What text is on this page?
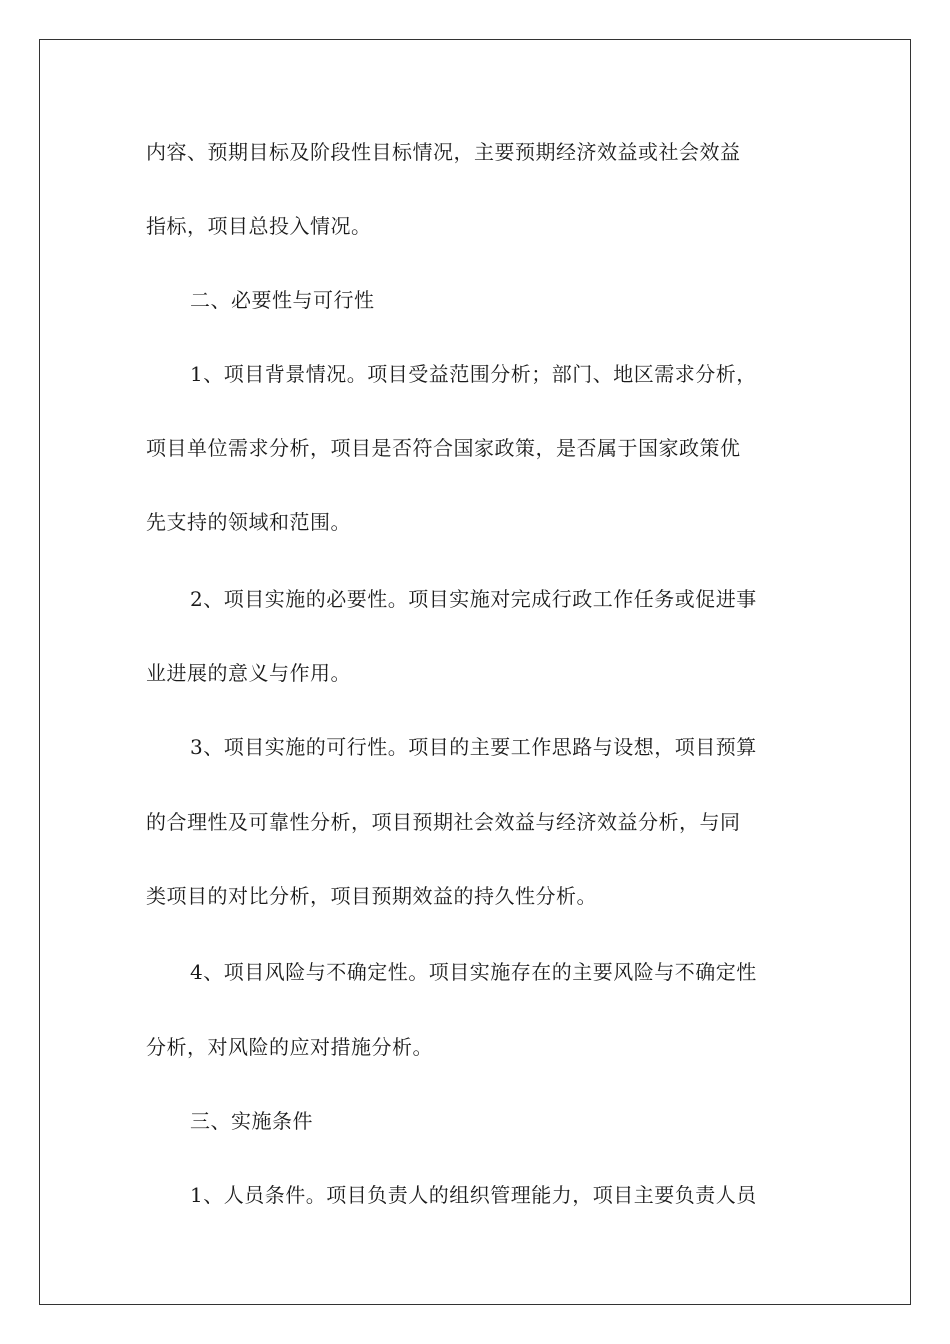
内容、预期目标及阶段性目标情况，主要预期经济效益或社会效益
指标，项目总投入情况。
二、必要性与可行性
1、项目背景情况。项目受益范围分析；部门、地区需求分析，
项目单位需求分析，项目是否符合国家政策，是否属于国家政策优
先支持的领域和范围。
2、项目实施的必要性。项目实施对完成行政工作任务或促进事
业进展的意义与作用。
3、项目实施的可行性。项目的主要工作思路与设想，项目预算
的合理性及可靠性分析，项目预期社会效益与经济效益分析，与同
类项目的对比分析，项目预期效益的持久性分析。
4、项目风险与不确定性。项目实施存在的主要风险与不确定性
分析，对风险的应对措施分析。
三、实施条件
1、人员条件。项目负责人的组织管理能力，项目主要负责人员
